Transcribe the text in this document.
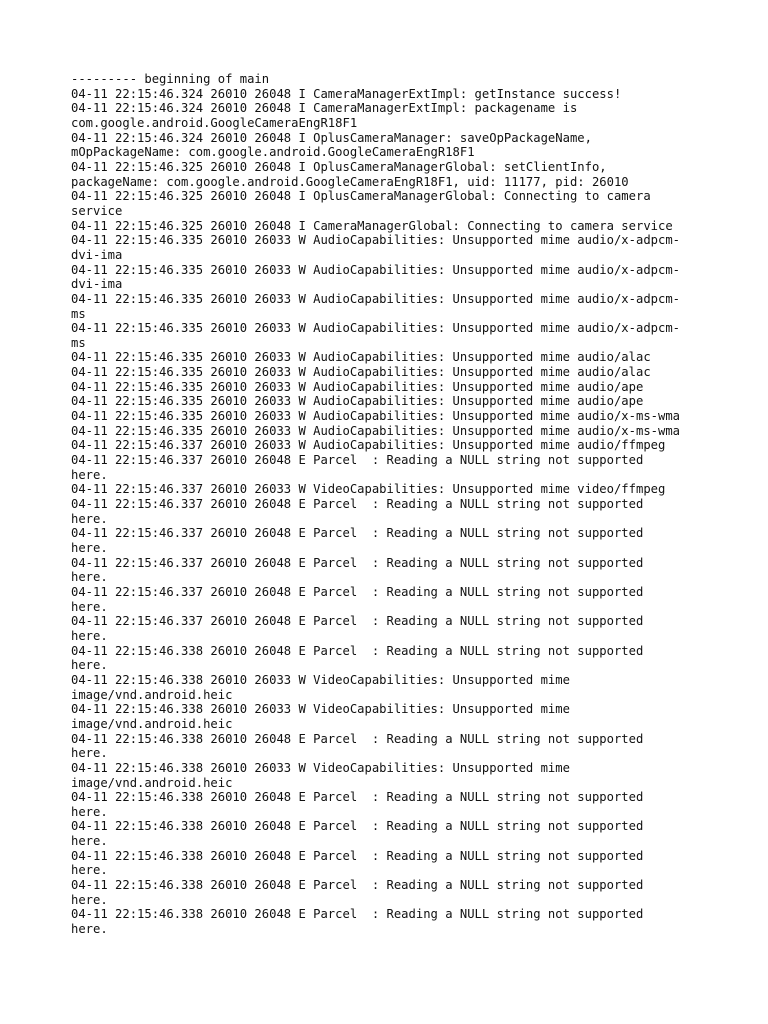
--------- beginning of main
04-11 22:15:46.324 26010 26048 I CameraManagerExtImpl: getInstance success!
04-11 22:15:46.324 26010 26048 I CameraManagerExtImpl: packagename is
com.google.android.GoogleCameraEngR18F1
04-11 22:15:46.324 26010 26048 I OplusCameraManager: saveOpPackageName,
mOpPackageName: com.google.android.GoogleCameraEngR18F1
04-11 22:15:46.325 26010 26048 I OplusCameraManagerGlobal: setClientInfo,
packageName: com.google.android.GoogleCameraEngR18F1, uid: 11177, pid: 26010
04-11 22:15:46.325 26010 26048 I OplusCameraManagerGlobal: Connecting to camera
service
04-11 22:15:46.325 26010 26048 I CameraManagerGlobal: Connecting to camera service
04-11 22:15:46.335 26010 26033 W AudioCapabilities: Unsupported mime audio/x-adpcm-
dvi-ima
04-11 22:15:46.335 26010 26033 W AudioCapabilities: Unsupported mime audio/x-adpcm-
dvi-ima
04-11 22:15:46.335 26010 26033 W AudioCapabilities: Unsupported mime audio/x-adpcm-
ms
04-11 22:15:46.335 26010 26033 W AudioCapabilities: Unsupported mime audio/x-adpcm-
ms
04-11 22:15:46.335 26010 26033 W AudioCapabilities: Unsupported mime audio/alac
04-11 22:15:46.335 26010 26033 W AudioCapabilities: Unsupported mime audio/alac
04-11 22:15:46.335 26010 26033 W AudioCapabilities: Unsupported mime audio/ape
04-11 22:15:46.335 26010 26033 W AudioCapabilities: Unsupported mime audio/ape
04-11 22:15:46.335 26010 26033 W AudioCapabilities: Unsupported mime audio/x-ms-wma
04-11 22:15:46.335 26010 26033 W AudioCapabilities: Unsupported mime audio/x-ms-wma
04-11 22:15:46.337 26010 26033 W AudioCapabilities: Unsupported mime audio/ffmpeg
04-11 22:15:46.337 26010 26048 E Parcel  : Reading a NULL string not supported
here.
04-11 22:15:46.337 26010 26033 W VideoCapabilities: Unsupported mime video/ffmpeg
04-11 22:15:46.337 26010 26048 E Parcel  : Reading a NULL string not supported
here.
04-11 22:15:46.337 26010 26048 E Parcel  : Reading a NULL string not supported
here.
04-11 22:15:46.337 26010 26048 E Parcel  : Reading a NULL string not supported
here.
04-11 22:15:46.337 26010 26048 E Parcel  : Reading a NULL string not supported
here.
04-11 22:15:46.337 26010 26048 E Parcel  : Reading a NULL string not supported
here.
04-11 22:15:46.338 26010 26048 E Parcel  : Reading a NULL string not supported
here.
04-11 22:15:46.338 26010 26033 W VideoCapabilities: Unsupported mime
image/vnd.android.heic
04-11 22:15:46.338 26010 26033 W VideoCapabilities: Unsupported mime
image/vnd.android.heic
04-11 22:15:46.338 26010 26048 E Parcel  : Reading a NULL string not supported
here.
04-11 22:15:46.338 26010 26033 W VideoCapabilities: Unsupported mime
image/vnd.android.heic
04-11 22:15:46.338 26010 26048 E Parcel  : Reading a NULL string not supported
here.
04-11 22:15:46.338 26010 26048 E Parcel  : Reading a NULL string not supported
here.
04-11 22:15:46.338 26010 26048 E Parcel  : Reading a NULL string not supported
here.
04-11 22:15:46.338 26010 26048 E Parcel  : Reading a NULL string not supported
here.
04-11 22:15:46.338 26010 26048 E Parcel  : Reading a NULL string not supported
here.
